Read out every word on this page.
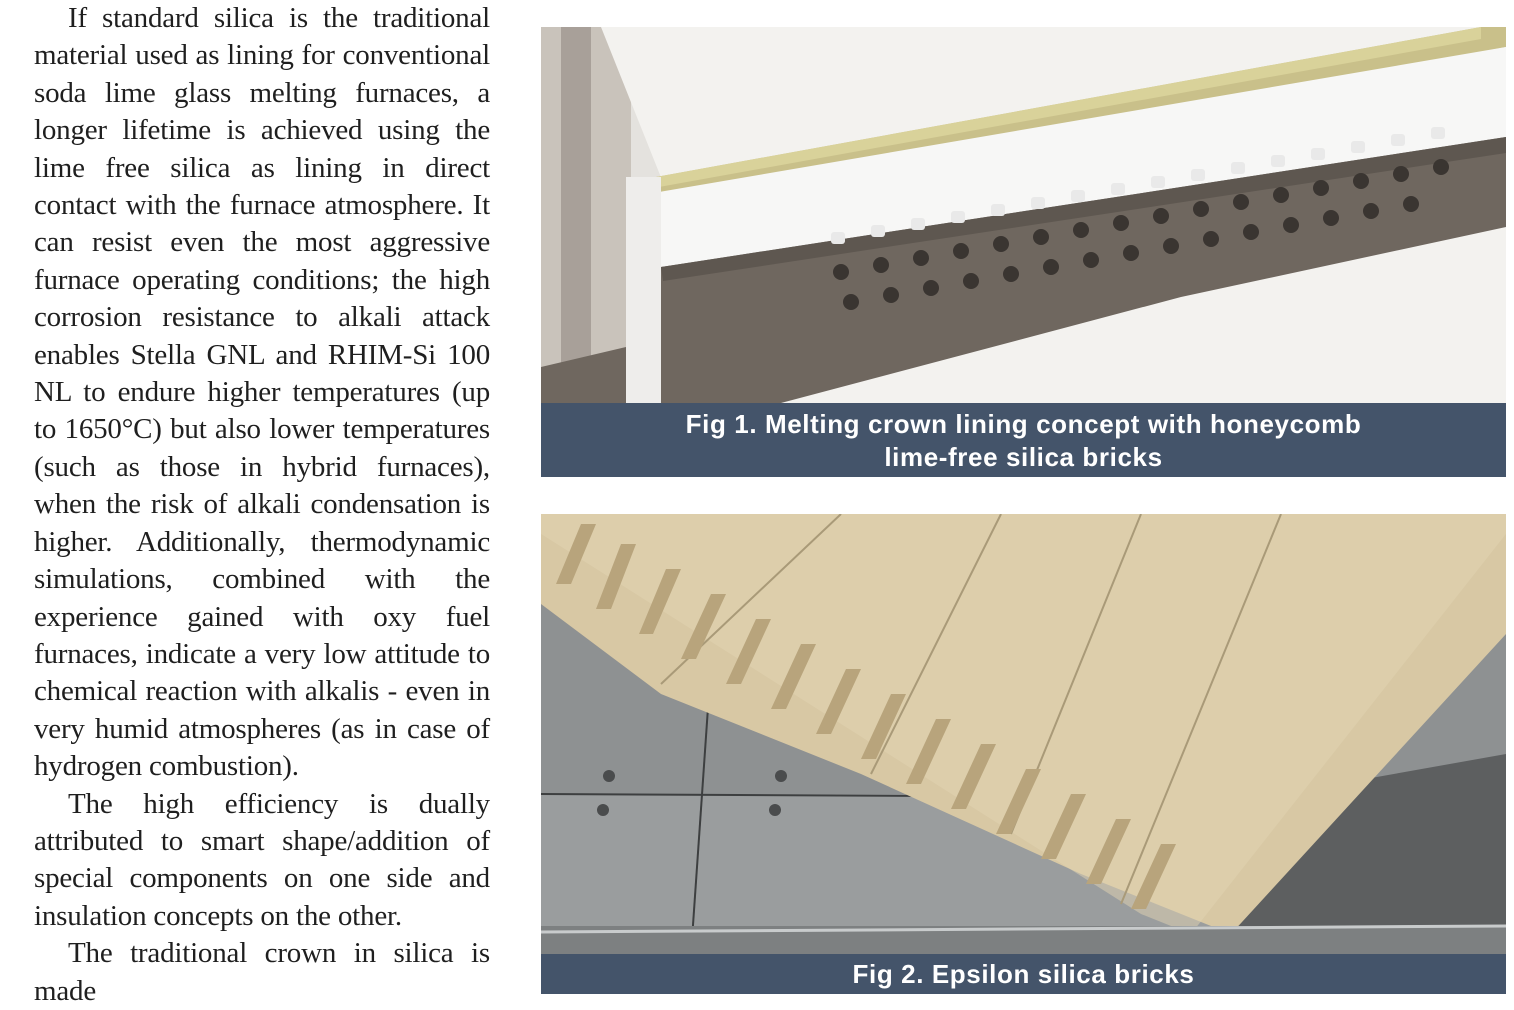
If standard silica is the traditional material used as lining for conventional soda lime glass melting furnaces, a longer lifetime is achieved using the lime free silica as lining in direct contact with the furnace atmosphere. It can resist even the most aggressive furnace operating conditions; the high corrosion resistance to alkali attack enables Stella GNL and RHIM-Si 100 NL to endure higher temperatures (up to 1650°C) but also lower temperatures (such as those in hybrid furnaces), when the risk of alkali condensation is higher. Additionally, thermodynamic simulations, combined with the experience gained with oxy fuel furnaces, indicate a very low attitude to chemical reaction with alkalis - even in very humid atmospheres (as in case of hydrogen combustion).

The high efficiency is dually attributed to smart shape/addition of special components on one side and insulation concepts on the other.

The traditional crown in silica is made

Fig 1. Melting crown lining concept with honeycomb
lime-free silica bricks
Fig 2. Epsilon silica bricks
